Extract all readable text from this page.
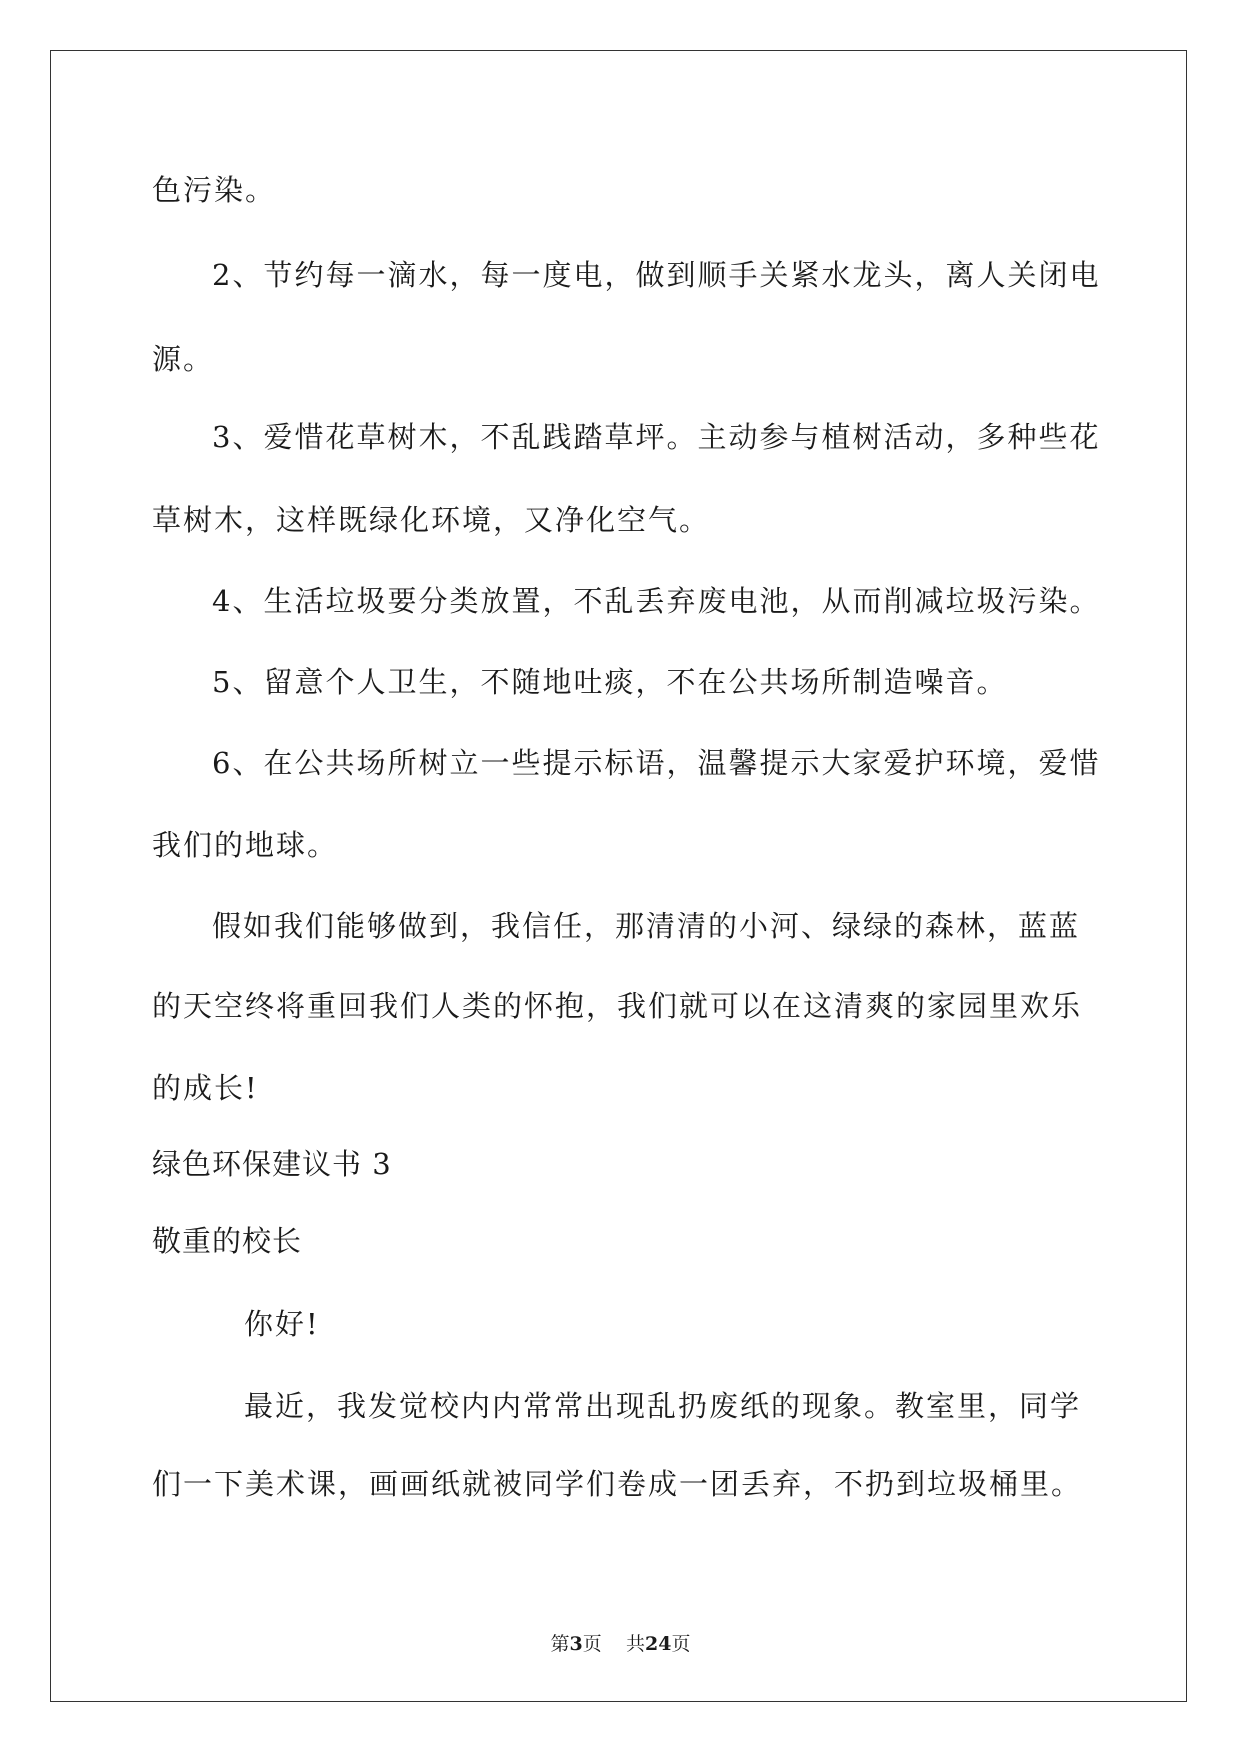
色污染。
2、节约每一滴水，每一度电，做到顺手关紧水龙头，离人关闭电
源。
3、爱惜花草树木，不乱践踏草坪。主动参与植树活动，多种些花
草树木，这样既绿化环境，又净化空气。
4、生活垃圾要分类放置，不乱丢弃废电池，从而削减垃圾污染。
5、留意个人卫生，不随地吐痰，不在公共场所制造噪音。
6、在公共场所树立一些提示标语，温馨提示大家爱护环境，爱惜
我们的地球。
假如我们能够做到，我信任，那清清的小河、绿绿的森林，蓝蓝
的天空终将重回我们人类的怀抱，我们就可以在这清爽的家园里欢乐
的成长!
绿色环保建议书 3
敬重的校长
你好!
最近，我发觉校内内常常出现乱扔废纸的现象。教室里，同学
们一下美术课，画画纸就被同学们卷成一团丢弃，不扔到垃圾桶里。
第3页 共24页
